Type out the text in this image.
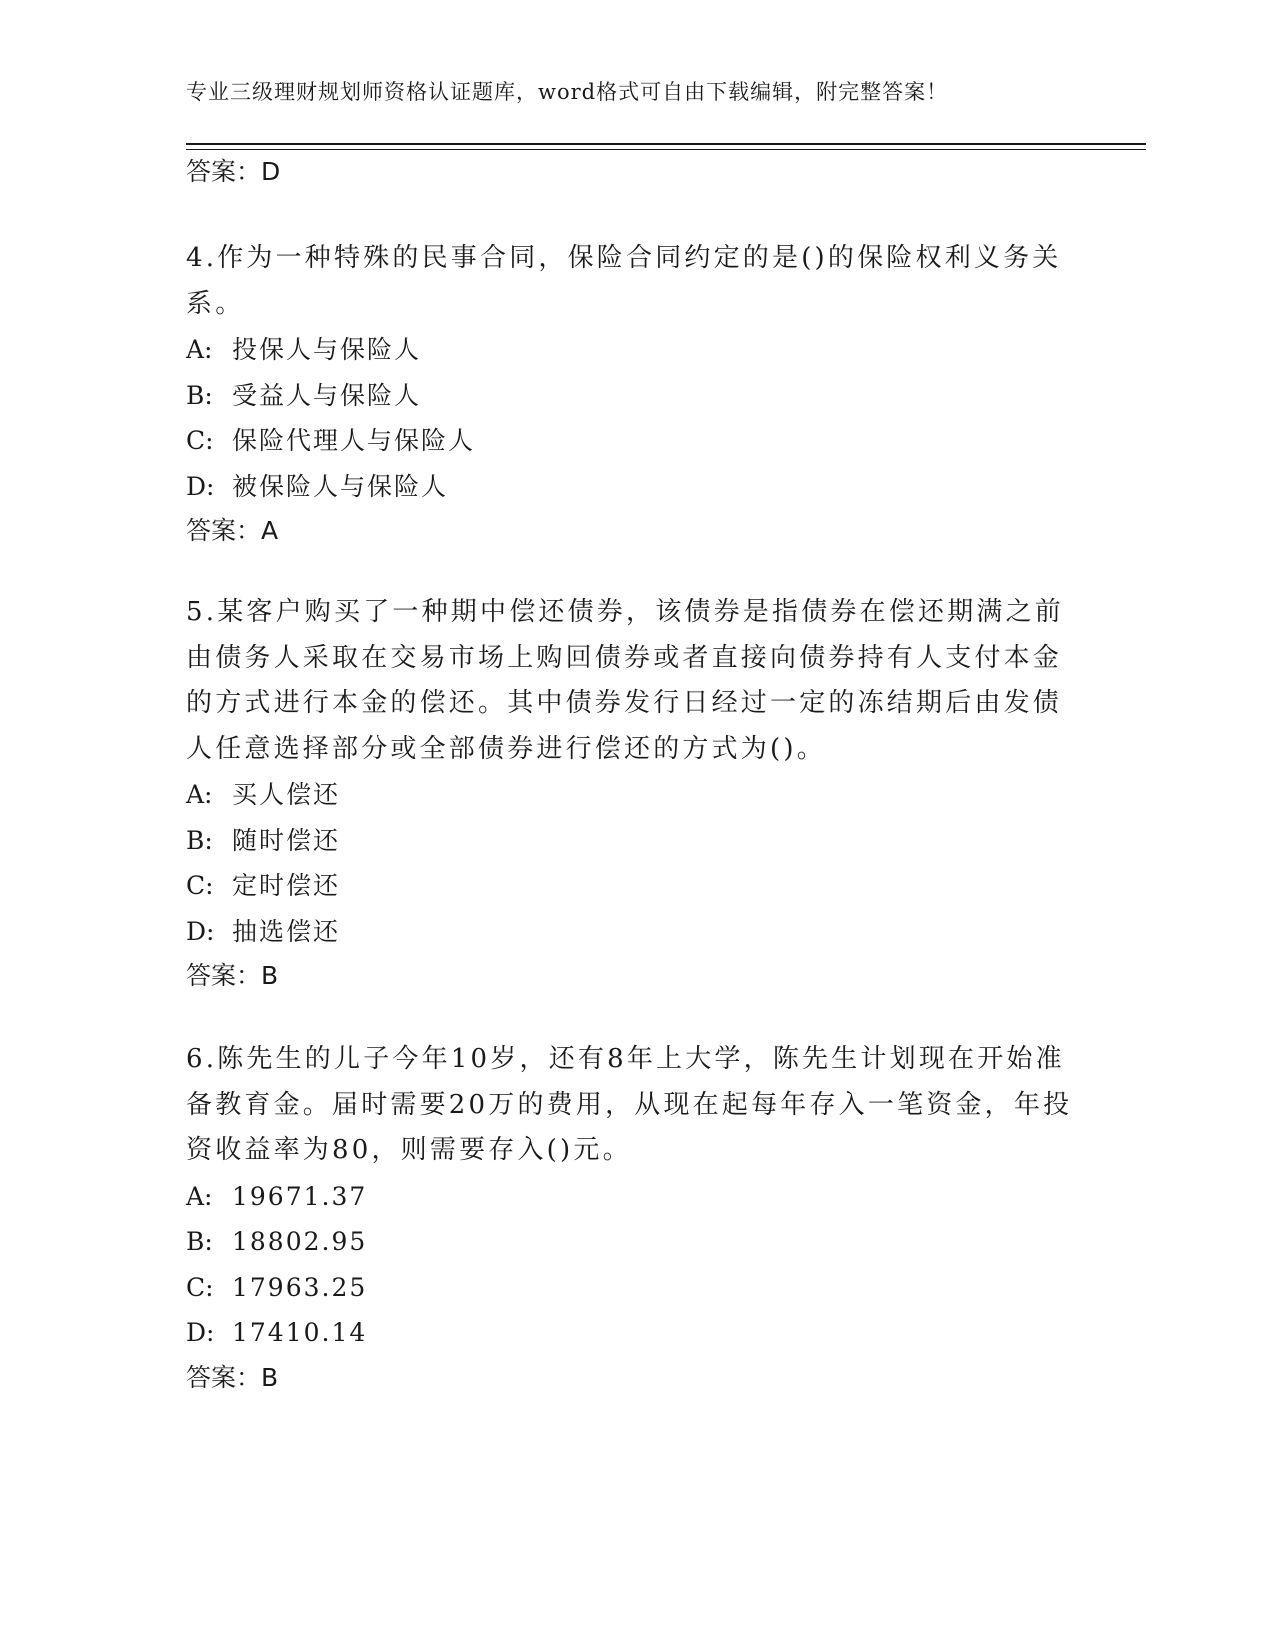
专业三级理财规划师资格认证题库，word格式可自由下载编辑，附完整答案！
答案：D

4.作为一种特殊的民事合同，保险合同约定的是()的保险权利义务关系。

A: 投保人与保险人
B: 受益人与保险人
C: 保险代理人与保险人
D: 被保险人与保险人
答案：A

5.某客户购买了一种期中偿还债券，该债券是指债券在偿还期满之前由债务人采取在交易市场上购回债券或者直接向债券持有人支付本金的方式进行本金的偿还。其中债券发行日经过一定的冻结期后由发债人任意选择部分或全部债券进行偿还的方式为()。

A: 买人偿还
B: 随时偿还
C: 定时偿还
D: 抽选偿还
答案：B

6.陈先生的儿子今年10岁，还有8年上大学，陈先生计划现在开始准备教育金。届时需要20万的费用，从现在起每年存入一笔资金，年投资收益率为80，则需要存入()元。

A: 19671.37
B: 18802.95
C: 17963.25
D: 17410.14
答案：B
